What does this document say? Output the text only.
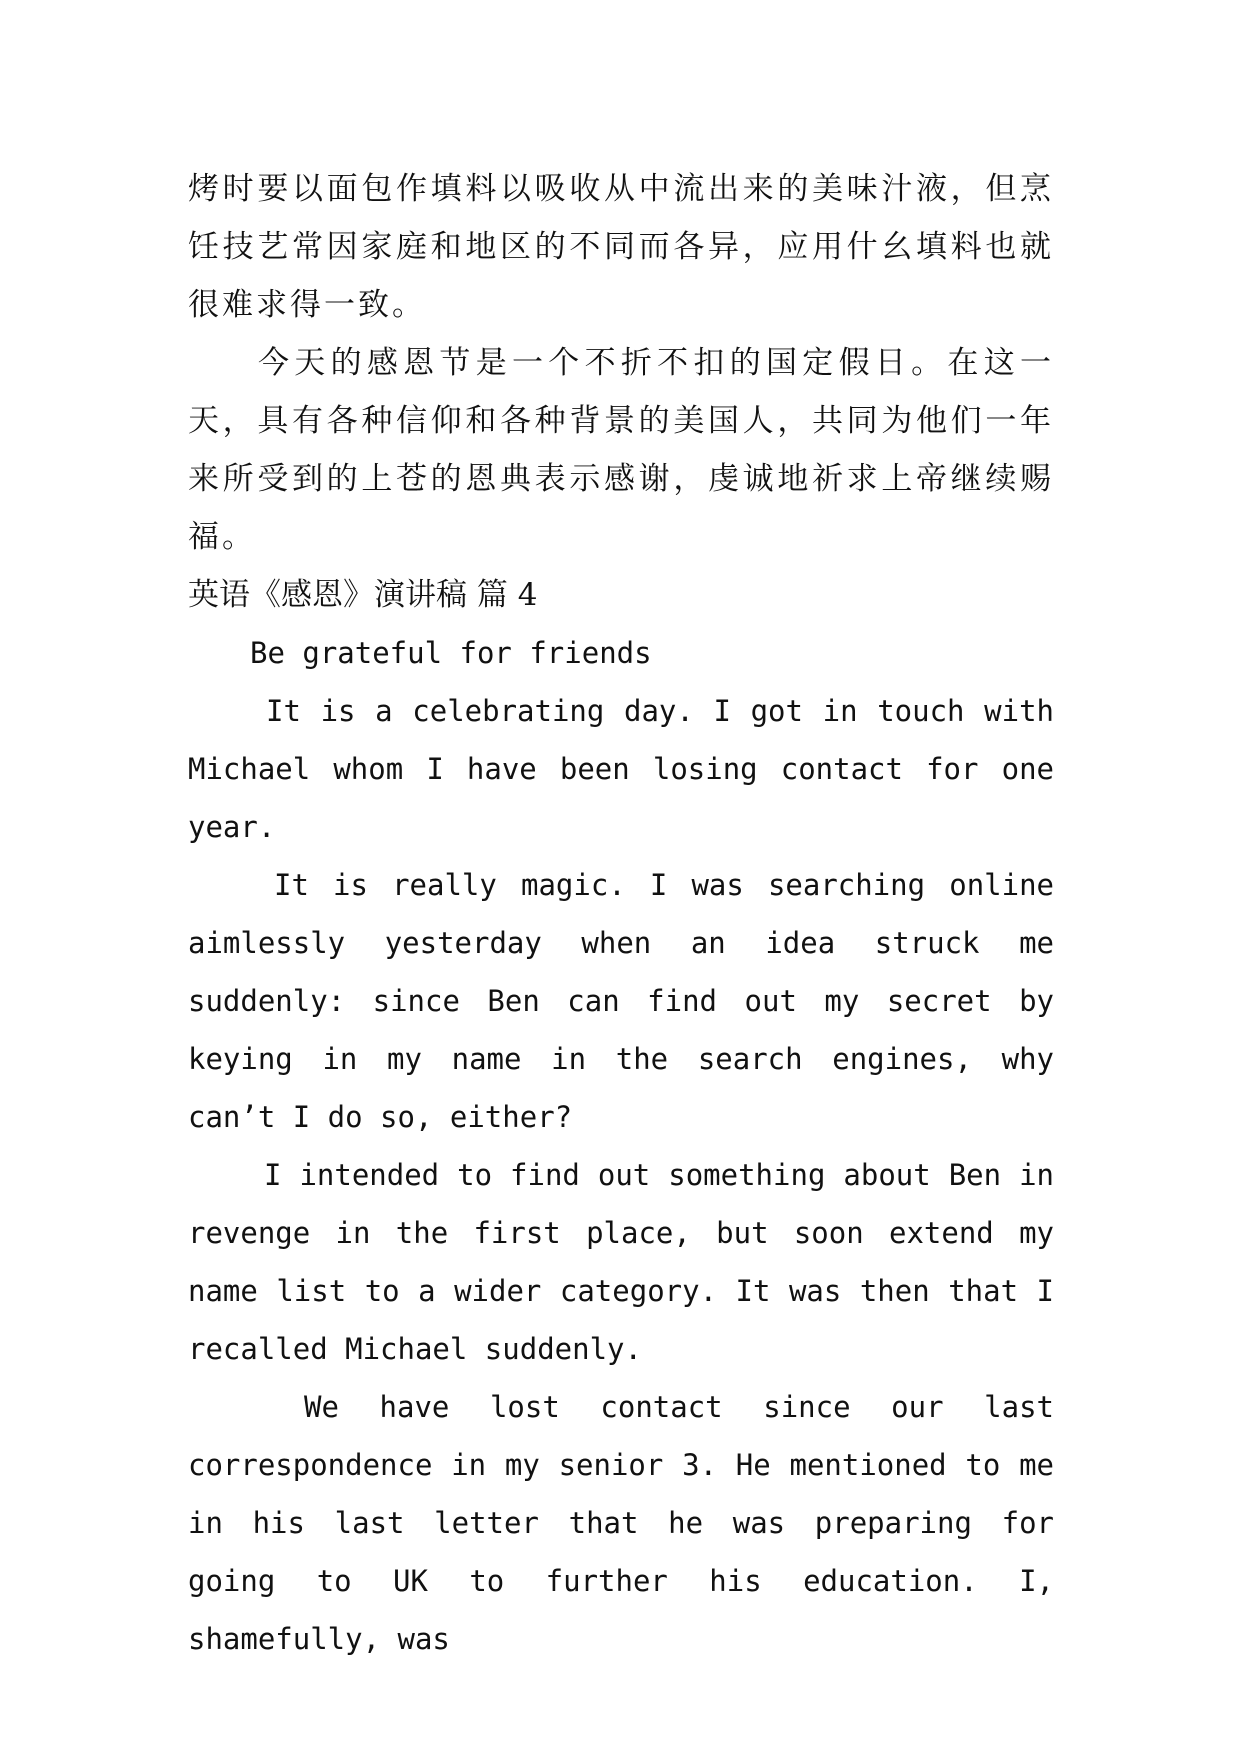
烤时要以面包作填料以吸收从中流出来的美味汁液，但烹饪技艺常因家庭和地区的不同而各异，应用什幺填料也就很难求得一致。

今天的感恩节是一个不折不扣的国定假日。在这一天，具有各种信仰和各种背景的美国人，共同为他们一年来所受到的上苍的恩典表示感谢，虔诚地祈求上帝继续赐福。

英语《感恩》演讲稿 篇 4

Be grateful for friends

It is a celebrating day. I got in touch with Michael whom I have been losing contact for one year.

It is really magic. I was searching online aimlessly yesterday when an idea struck me suddenly: since Ben can find out my secret by keying in my name in the search engines, why can’t I do so, either?

I intended to find out something about Ben in revenge in the first place, but soon extend my name list to a wider category. It was then that I recalled Michael suddenly.

We have lost contact since our last correspondence in my senior 3. He mentioned to me in his last letter that he was preparing for going to UK to further his education. I, shamefully, was
